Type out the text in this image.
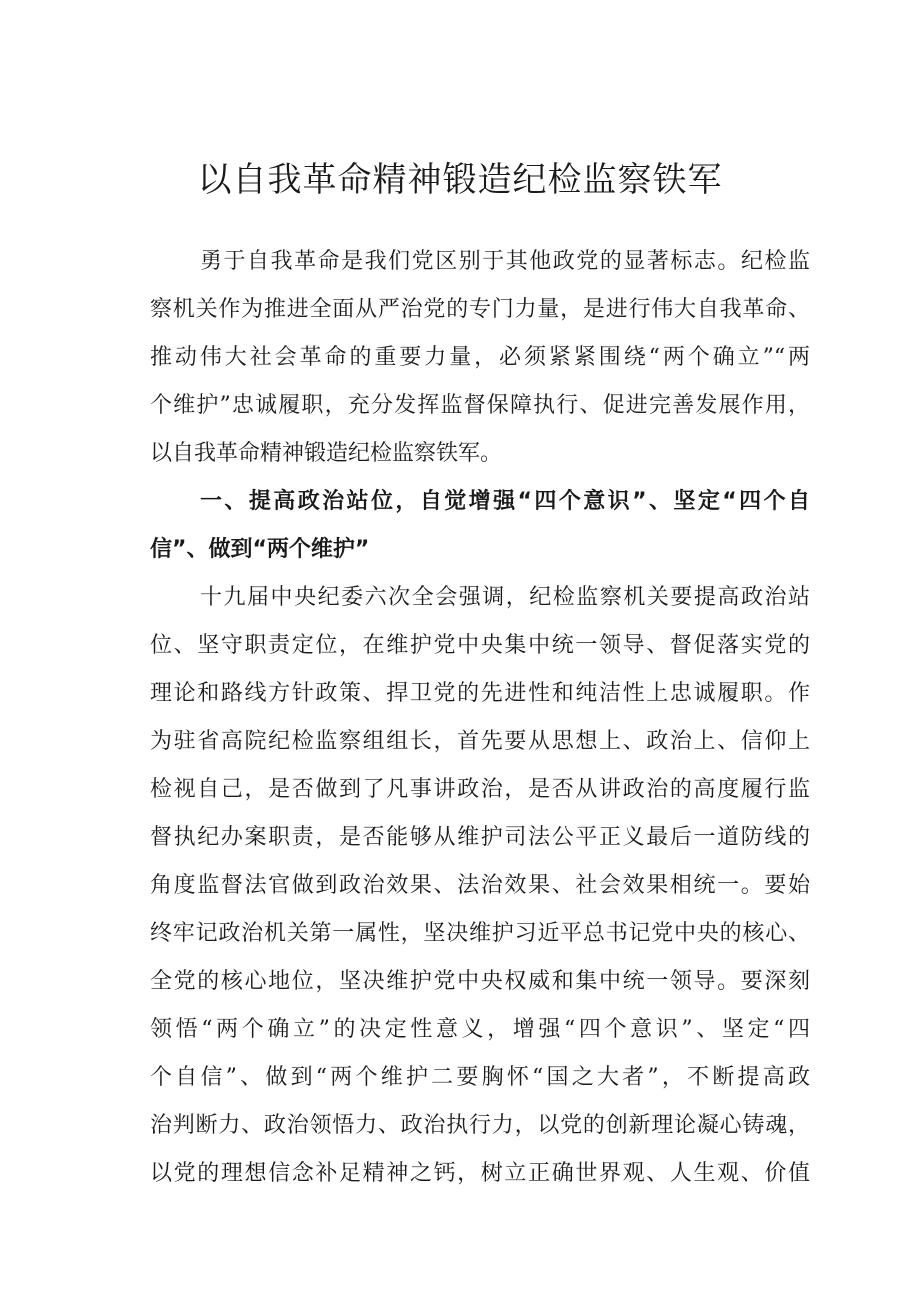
以自我革命精神锻造纪检监察铁军

勇于自我革命是我们党区别于其他政党的显著标志。纪检监

察机关作为推进全面从严治党的专门力量，是进行伟大自我革命、

推动伟大社会革命的重要力量，必须紧紧围绕“两个确立”“两

个维护”忠诚履职，充分发挥监督保障执行、促进完善发展作用，

以自我革命精神锻造纪检监察铁军。

一、提高政治站位，自觉增强“四个意识”、坚定“四个自

信”、做到“两个维护”

十九届中央纪委六次全会强调，纪检监察机关要提高政治站

位、坚守职责定位，在维护党中央集中统一领导、督促落实党的

理论和路线方针政策、捍卫党的先进性和纯洁性上忠诚履职。作

为驻省高院纪检监察组组长，首先要从思想上、政治上、信仰上

检视自己，是否做到了凡事讲政治，是否从讲政治的高度履行监

督执纪办案职责，是否能够从维护司法公平正义最后一道防线的

角度监督法官做到政治效果、法治效果、社会效果相统一。要始

终牢记政治机关第一属性，坚决维护习近平总书记党中央的核心、

全党的核心地位，坚决维护党中央权威和集中统一领导。要深刻

领悟“两个确立”的决定性意义，增强“四个意识”、坚定“四

个自信”、做到“两个维护二要胸怀“国之大者”，不断提高政

治判断力、政治领悟力、政治执行力，以党的创新理论凝心铸魂，

以党的理想信念补足精神之钙，树立正确世界观、人生观、价值
